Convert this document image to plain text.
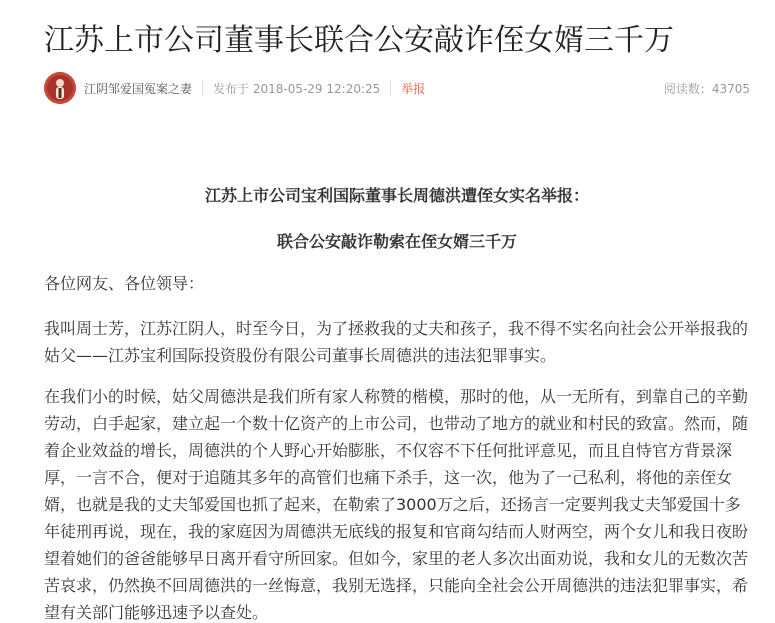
江苏上市公司董事长联合公安敲诈侄女婿三千万
江阴邹爱国冤案之妻 发布于 2018-05-29 12:20:25 举报	阅读数：43705

江苏上市公司宝利国际董事长周德洪遭侄女实名举报：

联合公安敲诈勒索在侄女婿三千万

各位网友、各位领导：

我叫周士芳，江苏江阴人，时至今日，为了拯救我的丈夫和孩子，我不得不实名向社会公开举报我的姑父——江苏宝利国际投资股份有限公司董事长周德洪的违法犯罪事实。

在我们小的时候，姑父周德洪是我们所有家人称赞的楷模，那时的他，从一无所有，到靠自己的辛勤劳动，白手起家，建立起一个数十亿资产的上市公司，也带动了地方的就业和村民的致富。然而，随着企业效益的增长，周德洪的个人野心开始膨胀，不仅容不下任何批评意见，而且自恃官方背景深厚，一言不合，便对于追随其多年的高管们也痛下杀手，这一次，他为了一己私利，将他的亲侄女婿，也就是我的丈夫邹爱国也抓了起来，在勒索了3000万之后，还扬言一定要判我丈夫邹爱国十多年徒刑再说，现在，我的家庭因为周德洪无底线的报复和官商勾结而人财两空，两个女儿和我日夜盼望着她们的爸爸能够早日离开看守所回家。但如今，家里的老人多次出面劝说，我和女儿的无数次苦苦哀求，仍然换不回周德洪的一丝悔意，我别无选择，只能向全社会公开周德洪的违法犯罪事实，希望有关部门能够迅速予以查处。
